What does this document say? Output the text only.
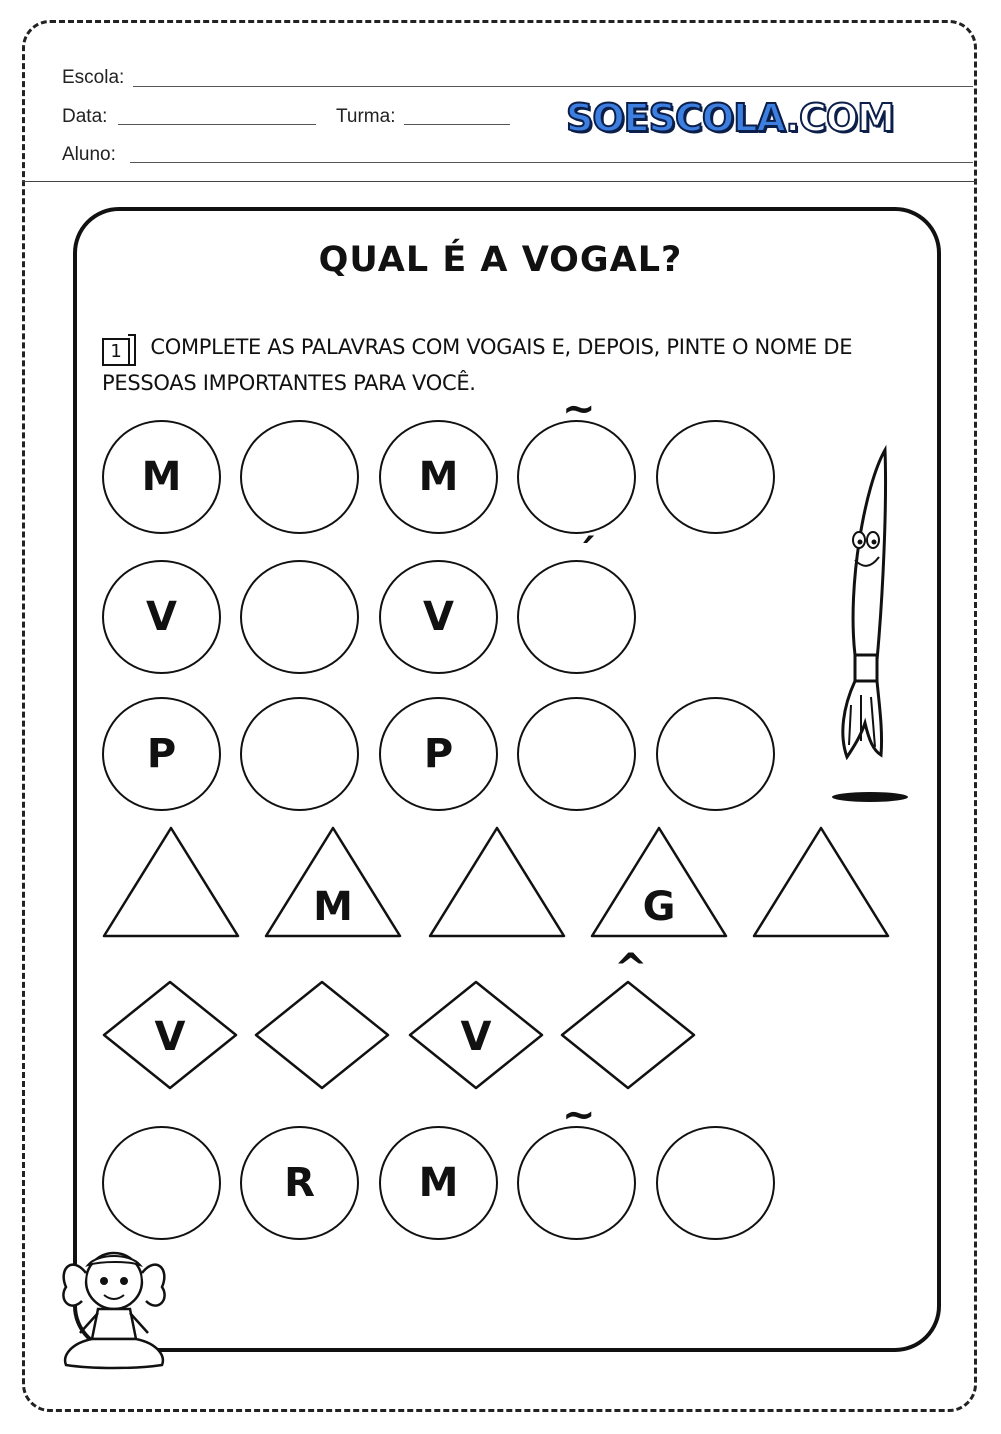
Escola:
Data:	Turma:
Aluno:
SOESCOLA.COM
QUAL É A VOGAL?
1 COMPLETE AS PALAVRAS COM VOGAIS E, DEPOIS, PINTE O NOME DE PESSOAS IMPORTANTES PARA VOCÊ.
M	M
~
V	V
´
P	P
M	G
V	V
^
R	M
~
